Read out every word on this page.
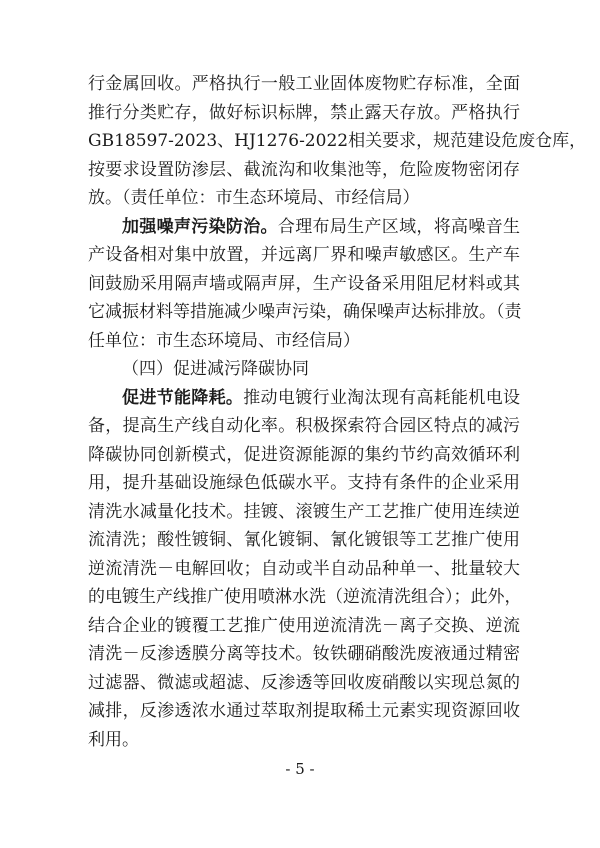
行金属回收。严格执行一般工业固体废物贮存标准，全面
推行分类贮存，做好标识标牌，禁止露天存放。严格执行
GB18597-2023、HJ1276-2022相关要求，规范建设危废仓库，
按要求设置防渗层、截流沟和收集池等，危险废物密闭存
放。（责任单位：市生态环境局、市经信局）
加强噪声污染防治。合理布局生产区域，将高噪音生
产设备相对集中放置，并远离厂界和噪声敏感区。生产车
间鼓励采用隔声墙或隔声屏，生产设备采用阻尼材料或其
它减振材料等措施减少噪声污染，确保噪声达标排放。（责
任单位：市生态环境局、市经信局）
（四）促进减污降碳协同
促进节能降耗。推动电镀行业淘汰现有高耗能机电设
备，提高生产线自动化率。积极探索符合园区特点的减污
降碳协同创新模式，促进资源能源的集约节约高效循环利
用，提升基础设施绿色低碳水平。支持有条件的企业采用
清洗水减量化技术。挂镀、滚镀生产工艺推广使用连续逆
流清洗；酸性镀铜、氰化镀铜、氰化镀银等工艺推广使用
逆流清洗－电解回收；自动或半自动品种单一、批量较大
的电镀生产线推广使用喷淋水洗（逆流清洗组合）；此外，
结合企业的镀覆工艺推广使用逆流清洗－离子交换、逆流
清洗－反渗透膜分离等技术。钕铁硼硝酸洗废液通过精密
过滤器、微滤或超滤、反渗透等回收废硝酸以实现总氮的
减排，反渗透浓水通过萃取剂提取稀土元素实现资源回收
利用。
- 5 -
